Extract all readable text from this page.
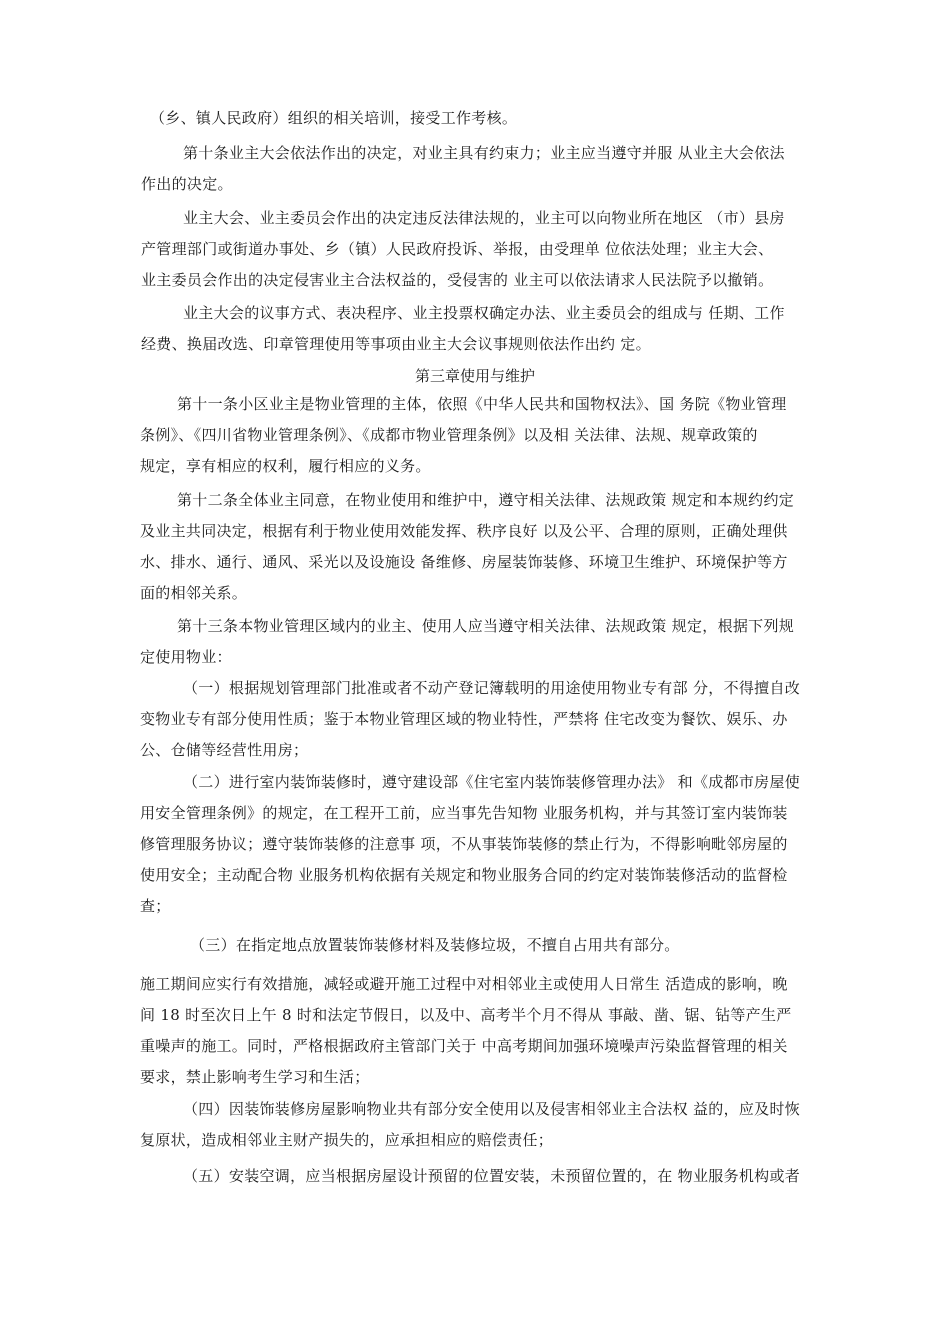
（乡、镇人民政府）组织的相关培训，接受工作考核。
第十条业主大会依法作出的决定，对业主具有约束力；业主应当遵守并服 从业主大会依法
作出的决定。
业主大会、业主委员会作出的决定违反法律法规的，业主可以向物业所在地区 （市）县房
产管理部门或街道办事处、乡（镇）人民政府投诉、举报，由受理单 位依法处理；业主大会、
业主委员会作出的决定侵害业主合法权益的，受侵害的 业主可以依法请求人民法院予以撤销。
业主大会的议事方式、表决程序、业主投票权确定办法、业主委员会的组成与 任期、工作
经费、换届改选、印章管理使用等事项由业主大会议事规则依法作出约 定。
第三章使用与维护
第十一条小区业主是物业管理的主体，依照《中华人民共和国物权法》、国 务院《物业管理
条例》、《四川省物业管理条例》、《成都市物业管理条例》以及相 关法律、法规、规章政策的
规定，享有相应的权利，履行相应的义务。
第十二条全体业主同意，在物业使用和维护中，遵守相关法律、法规政策 规定和本规约约定
及业主共同决定，根据有利于物业使用效能发挥、秩序良好 以及公平、合理的原则，正确处理供
水、排水、通行、通风、采光以及设施设 备维修、房屋装饰装修、环境卫生维护、环境保护等方
面的相邻关系。
第十三条本物业管理区域内的业主、使用人应当遵守相关法律、法规政策 规定，根据下列规
定使用物业：
（一）根据规划管理部门批准或者不动产登记簿载明的用途使用物业专有部 分，不得擅自改
变物业专有部分使用性质；鉴于本物业管理区域的物业特性，严禁将 住宅改变为餐饮、娱乐、办
公、仓储等经营性用房；
（二）进行室内装饰装修时，遵守建设部《住宅室内装饰装修管理办法》 和《成都市房屋使
用安全管理条例》的规定，在工程开工前，应当事先告知物 业服务机构，并与其签订室内装饰装
修管理服务协议；遵守装饰装修的注意事 项，不从事装饰装修的禁止行为，不得影响毗邻房屋的
使用安全；主动配合物 业服务机构依据有关规定和物业服务合同的约定对装饰装修活动的监督检
查；
（三）在指定地点放置装饰装修材料及装修垃圾，不擅自占用共有部分。
施工期间应实行有效措施，减轻或避开施工过程中对相邻业主或使用人日常生 活造成的影响，晚
间 18 时至次日上午 8 时和法定节假日，以及中、高考半个月不得从 事敲、凿、锯、钻等产生严
重噪声的施工。同时，严格根据政府主管部门关于 中高考期间加强环境噪声污染监督管理的相关
要求，禁止影响考生学习和生活；
（四）因装饰装修房屋影响物业共有部分安全使用以及侵害相邻业主合法权 益的，应及时恢
复原状，造成相邻业主财产损失的，应承担相应的赔偿责任；
（五）安装空调，应当根据房屋设计预留的位置安装，未预留位置的，在 物业服务机构或者
